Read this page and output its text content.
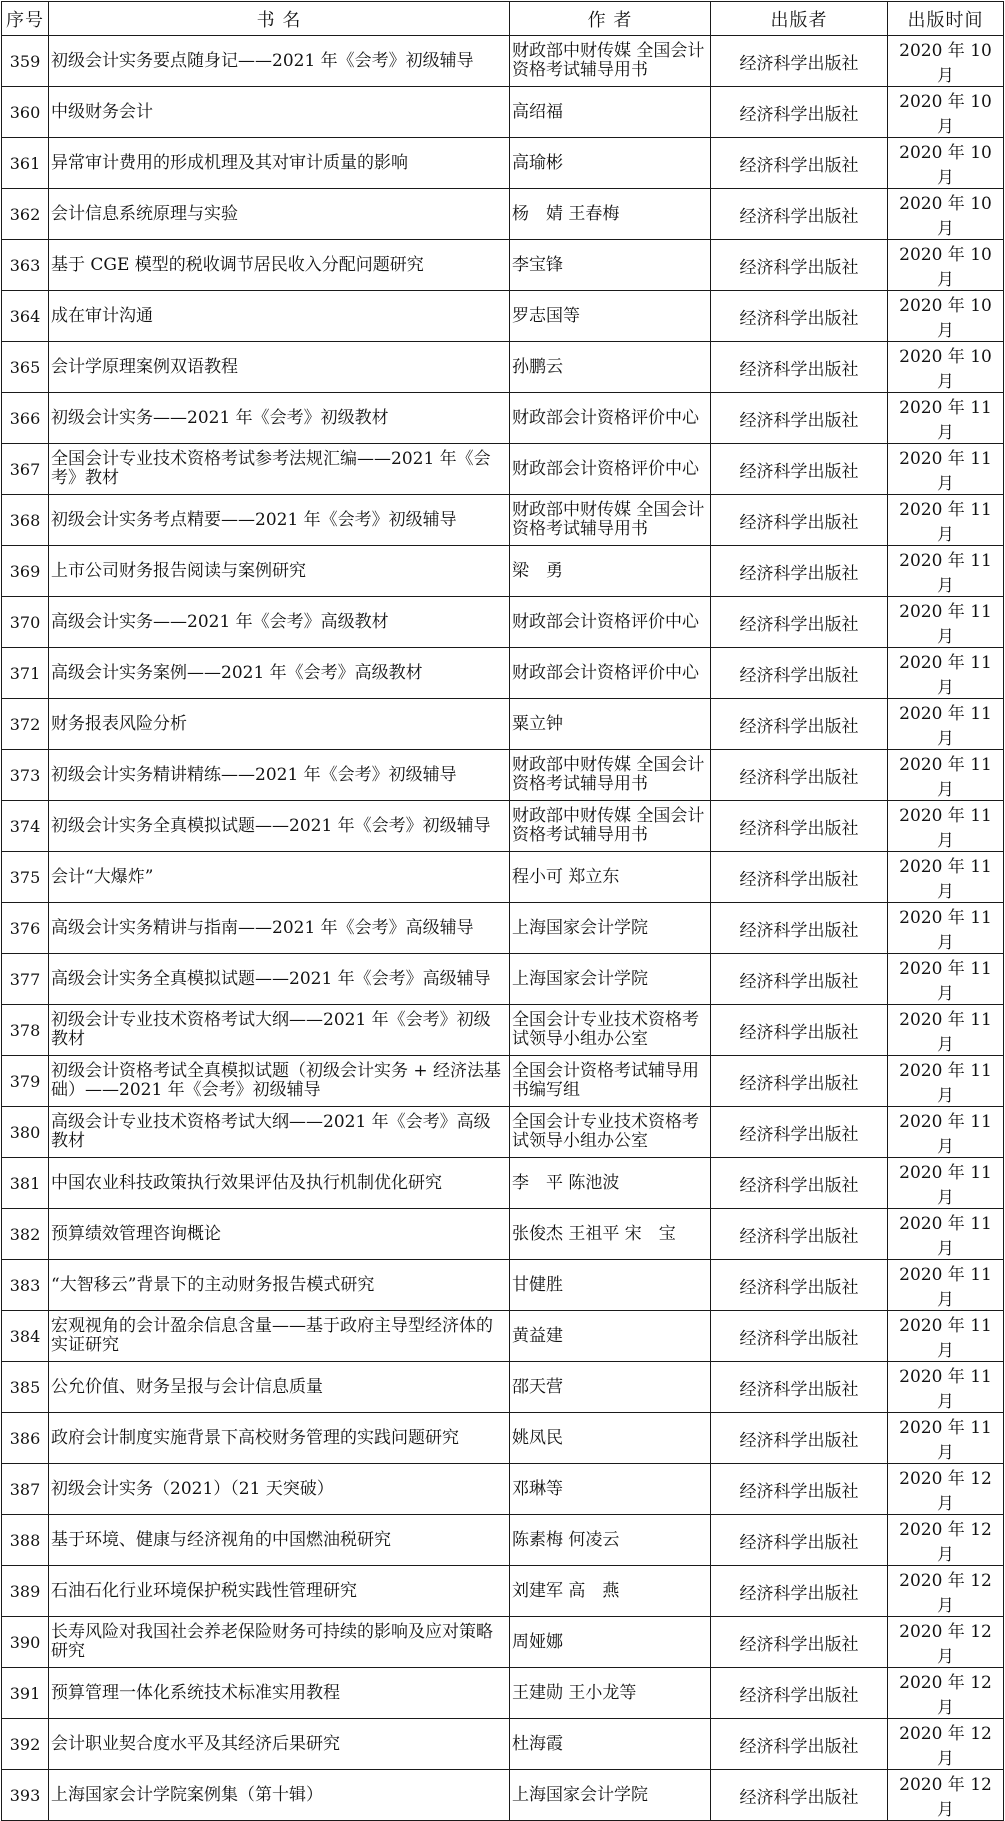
序号	书 名	作 者	出版者	出版时间
359	初级会计实务要点随身记——2021 年《会考》初级辅导	财政部中财传媒 全国会计资格考试辅导用书	经济科学出版社	2020 年 10 月
360	中级财务会计	高绍福	经济科学出版社	2020 年 10 月
361	异常审计费用的形成机理及其对审计质量的影响	高瑜彬	经济科学出版社	2020 年 10 月
362	会计信息系统原理与实验	杨　婧 王春梅	经济科学出版社	2020 年 10 月
363	基于 CGE 模型的税收调节居民收入分配问题研究	李宝锋	经济科学出版社	2020 年 10 月
364	成在审计沟通	罗志国等	经济科学出版社	2020 年 10 月
365	会计学原理案例双语教程	孙鹏云	经济科学出版社	2020 年 10 月
366	初级会计实务——2021 年《会考》初级教材	财政部会计资格评价中心	经济科学出版社	2020 年 11 月
367	全国会计专业技术资格考试参考法规汇编——2021 年《会考》教材	财政部会计资格评价中心	经济科学出版社	2020 年 11 月
368	初级会计实务考点精要——2021 年《会考》初级辅导	财政部中财传媒 全国会计资格考试辅导用书	经济科学出版社	2020 年 11 月
369	上市公司财务报告阅读与案例研究	梁　勇	经济科学出版社	2020 年 11 月
370	高级会计实务——2021 年《会考》高级教材	财政部会计资格评价中心	经济科学出版社	2020 年 11 月
371	高级会计实务案例——2021 年《会考》高级教材	财政部会计资格评价中心	经济科学出版社	2020 年 11 月
372	财务报表风险分析	粟立钟	经济科学出版社	2020 年 11 月
373	初级会计实务精讲精练——2021 年《会考》初级辅导	财政部中财传媒 全国会计资格考试辅导用书	经济科学出版社	2020 年 11 月
374	初级会计实务全真模拟试题——2021 年《会考》初级辅导	财政部中财传媒 全国会计资格考试辅导用书	经济科学出版社	2020 年 11 月
375	会计“大爆炸”	程小可 郑立东	经济科学出版社	2020 年 11 月
376	高级会计实务精讲与指南——2021 年《会考》高级辅导	上海国家会计学院	经济科学出版社	2020 年 11 月
377	高级会计实务全真模拟试题——2021 年《会考》高级辅导	上海国家会计学院	经济科学出版社	2020 年 11 月
378	初级会计专业技术资格考试大纲——2021 年《会考》初级教材	全国会计专业技术资格考试领导小组办公室	经济科学出版社	2020 年 11 月
379	初级会计资格考试全真模拟试题（初级会计实务 + 经济法基础）——2021 年《会考》初级辅导	全国会计资格考试辅导用书编写组	经济科学出版社	2020 年 11 月
380	高级会计专业技术资格考试大纲——2021 年《会考》高级教材	全国会计专业技术资格考试领导小组办公室	经济科学出版社	2020 年 11 月
381	中国农业科技政策执行效果评估及执行机制优化研究	李　平 陈池波	经济科学出版社	2020 年 11 月
382	预算绩效管理咨询概论	张俊杰 王祖平 宋　宝	经济科学出版社	2020 年 11 月
383	“大智移云”背景下的主动财务报告模式研究	甘健胜	经济科学出版社	2020 年 11 月
384	宏观视角的会计盈余信息含量——基于政府主导型经济体的实证研究	黄益建	经济科学出版社	2020 年 11 月
385	公允价值、财务呈报与会计信息质量	邵天营	经济科学出版社	2020 年 11 月
386	政府会计制度实施背景下高校财务管理的实践问题研究	姚凤民	经济科学出版社	2020 年 11 月
387	初级会计实务（2021）（21 天突破）	邓琳等	经济科学出版社	2020 年 12 月
388	基于环境、健康与经济视角的中国燃油税研究	陈素梅 何凌云	经济科学出版社	2020 年 12 月
389	石油石化行业环境保护税实践性管理研究	刘建军 高　燕	经济科学出版社	2020 年 12 月
390	长寿风险对我国社会养老保险财务可持续的影响及应对策略研究	周娅娜	经济科学出版社	2020 年 12 月
391	预算管理一体化系统技术标准实用教程	王建勋 王小龙等	经济科学出版社	2020 年 12 月
392	会计职业契合度水平及其经济后果研究	杜海霞	经济科学出版社	2020 年 12 月
393	上海国家会计学院案例集（第十辑）	上海国家会计学院	经济科学出版社	2020 年 12 月
